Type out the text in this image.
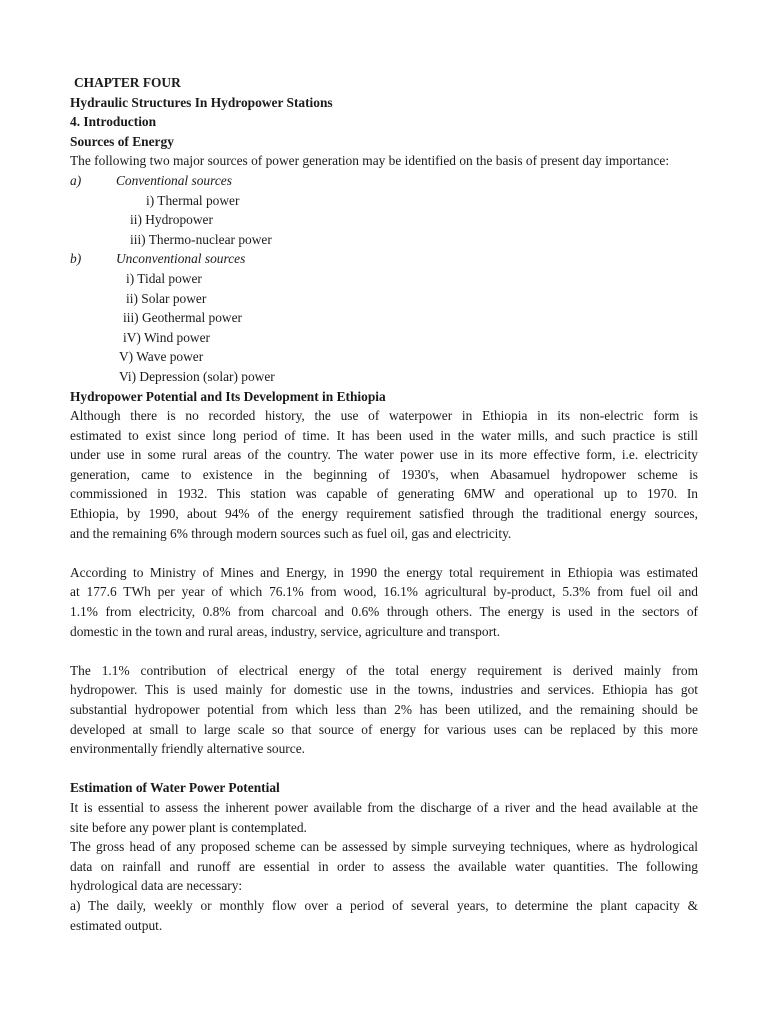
CHAPTER FOUR
Hydraulic Structures In Hydropower Stations
4. Introduction
Sources of Energy
The following two major sources of power generation may be identified on the basis of present day importance:
a)	Conventional sources
i) Thermal power
ii) Hydropower
iii) Thermo-nuclear power
b)	Unconventional sources
i) Tidal power
ii) Solar power
iii) Geothermal power
iV) Wind power
V) Wave power
Vi) Depression (solar) power
Hydropower Potential and Its Development in Ethiopia
Although there is no recorded history, the use of waterpower in Ethiopia in its non-electric form is
estimated to exist since long period of time. It has been used in the water mills, and such practice is still
under use in some rural areas of the country. The water power use in its more effective form, i.e. electricity
generation, came to existence in the beginning of 1930's, when Abasamuel hydropower scheme is
commissioned in 1932. This station was capable of generating 6MW and operational up to 1970. In
Ethiopia, by 1990, about 94% of the energy requirement satisfied through the traditional energy sources,
and the remaining 6% through modern sources such as fuel oil, gas and electricity.
According to Ministry of Mines and Energy, in 1990 the energy total requirement in Ethiopia was estimated
at 177.6 TWh per year of which 76.1% from wood, 16.1% agricultural by-product, 5.3% from fuel oil and
1.1% from electricity, 0.8% from charcoal and 0.6% through others. The energy is used in the sectors of
domestic in the town and rural areas, industry, service, agriculture and transport.
The 1.1% contribution of electrical energy of the total energy requirement is derived mainly from
hydropower. This is used mainly for domestic use in the towns, industries and services. Ethiopia has got
substantial hydropower potential from which less than 2% has been utilized, and the remaining should be
developed at small to large scale so that source of energy for various uses can be replaced by this more
environmentally friendly alternative source.
Estimation of Water Power Potential
It is essential to assess the inherent power available from the discharge of a river and the head available at the
site before any power plant is contemplated.
The gross head of any proposed scheme can be assessed by simple surveying techniques, where as hydrological
data on rainfall and runoff are essential in order to assess the available water quantities. The following
hydrological data are necessary:
a) The daily, weekly or monthly flow over a period of several years, to determine the plant capacity &
estimated output.
